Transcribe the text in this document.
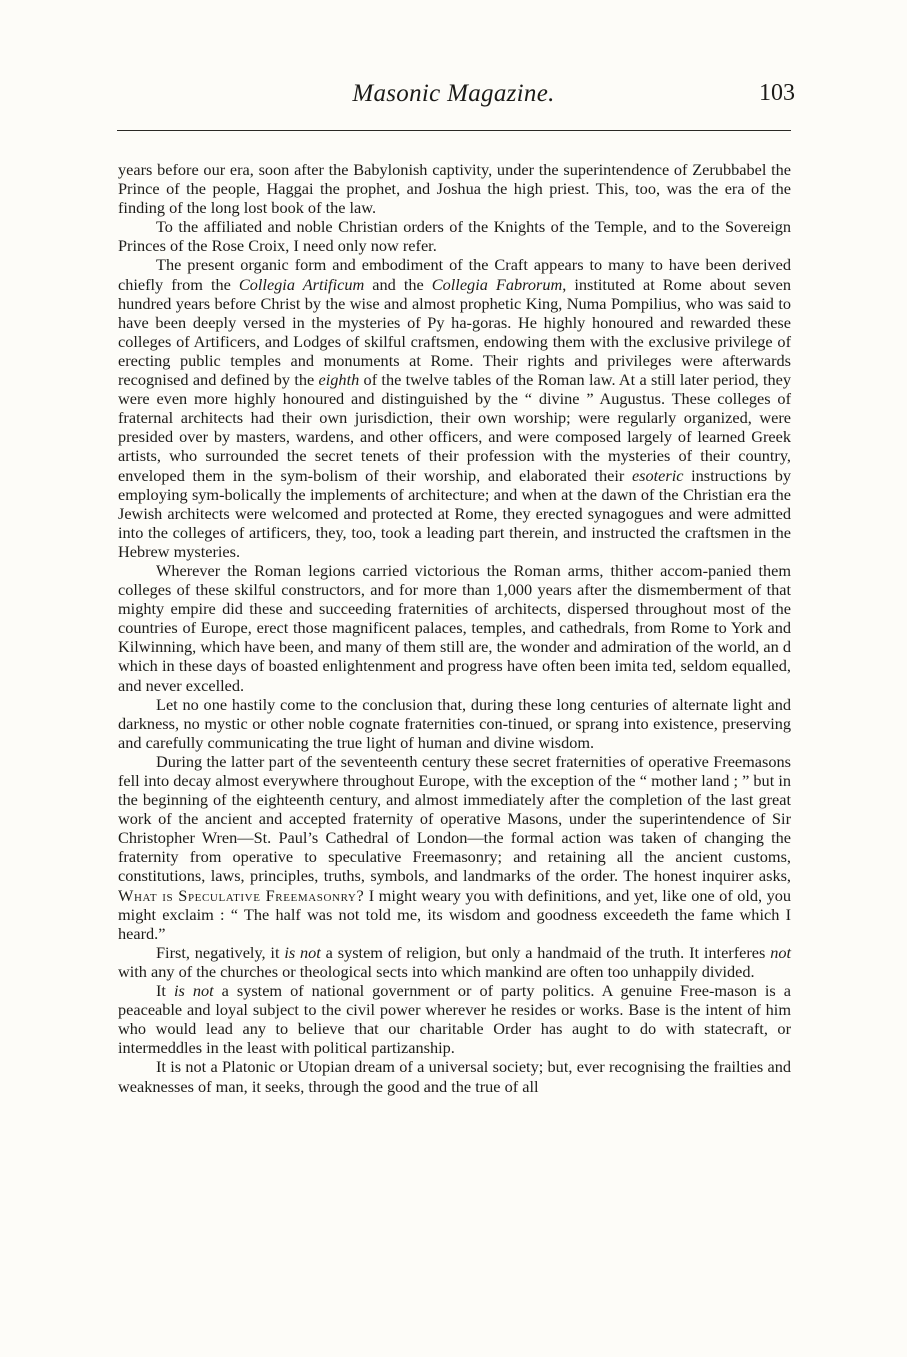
Masonic Magazine.	103

years before our era, soon after the Babylonish captivity, under the superintendence of Zerubbabel the Prince of the people, Haggai the prophet, and Joshua the high priest. This, too, was the era of the finding of the long lost book of the law.

To the affiliated and noble Christian orders of the Knights of the Temple, and to the Sovereign Princes of the Rose Croix, I need only now refer.

The present organic form and embodiment of the Craft appears to many to have been derived chiefly from the Collegia Artificum and the Collegia Fabrorum, instituted at Rome about seven hundred years before Christ by the wise and almost prophetic King, Numa Pompilius, who was said to have been deeply versed in the mysteries of Py ha-goras. He highly honoured and rewarded these colleges of Artificers, and Lodges of skilful craftsmen, endowing them with the exclusive privilege of erecting public temples and monuments at Rome. Their rights and privileges were afterwards recognised and defined by the eighth of the twelve tables of the Roman law. At a still later period, they were even more highly honoured and distinguished by the “ divine ” Augustus. These colleges of fraternal architects had their own jurisdiction, their own worship; were regularly organized, were presided over by masters, wardens, and other officers, and were composed largely of learned Greek artists, who surrounded the secret tenets of their profession with the mysteries of their country, enveloped them in the sym-bolism of their worship, and elaborated their esoteric instructions by employing sym-bolically the implements of architecture; and when at the dawn of the Christian era the Jewish architects were welcomed and protected at Rome, they erected synagogues and were admitted into the colleges of artificers, they, too, took a leading part therein, and instructed the craftsmen in the Hebrew mysteries.

Wherever the Roman legions carried victorious the Roman arms, thither accom-panied them colleges of these skilful constructors, and for more than 1,000 years after the dismemberment of that mighty empire did these and succeeding fraternities of architects, dispersed throughout most of the countries of Europe, erect those magnificent palaces, temples, and cathedrals, from Rome to York and Kilwinning, which have been, and many of them still are, the wonder and admiration of the world, an d which in these days of boasted enlightenment and progress have often been imita ted, seldom equalled, and never excelled.

Let no one hastily come to the conclusion that, during these long centuries of alternate light and darkness, no mystic or other noble cognate fraternities con-tinued, or sprang into existence, preserving and carefully communicating the true light of human and divine wisdom.

During the latter part of the seventeenth century these secret fraternities of operative Freemasons fell into decay almost everywhere throughout Europe, with the exception of the “ mother land ; ” but in the beginning of the eighteenth century, and almost immediately after the completion of the last great work of the ancient and accepted fraternity of operative Masons, under the superintendence of Sir Christopher Wren—St. Paul’s Cathedral of London—the formal action was taken of changing the fraternity from operative to speculative Freemasonry; and retaining all the ancient customs, constitutions, laws, principles, truths, symbols, and landmarks of the order. The honest inquirer asks, What is Speculative Freemasonry? I might weary you with definitions, and yet, like one of old, you might exclaim : “ The half was not told me, its wisdom and goodness exceedeth the fame which I heard.”

First, negatively, it is not a system of religion, but only a handmaid of the truth. It interferes not with any of the churches or theological sects into which mankind are often too unhappily divided.

It is not a system of national government or of party politics. A genuine Free-mason is a peaceable and loyal subject to the civil power wherever he resides or works. Base is the intent of him who would lead any to believe that our charitable Order has aught to do with statecraft, or intermeddles in the least with political partizanship.

It is not a Platonic or Utopian dream of a universal society; but, ever recognising the frailties and weaknesses of man, it seeks, through the good and the true of all
